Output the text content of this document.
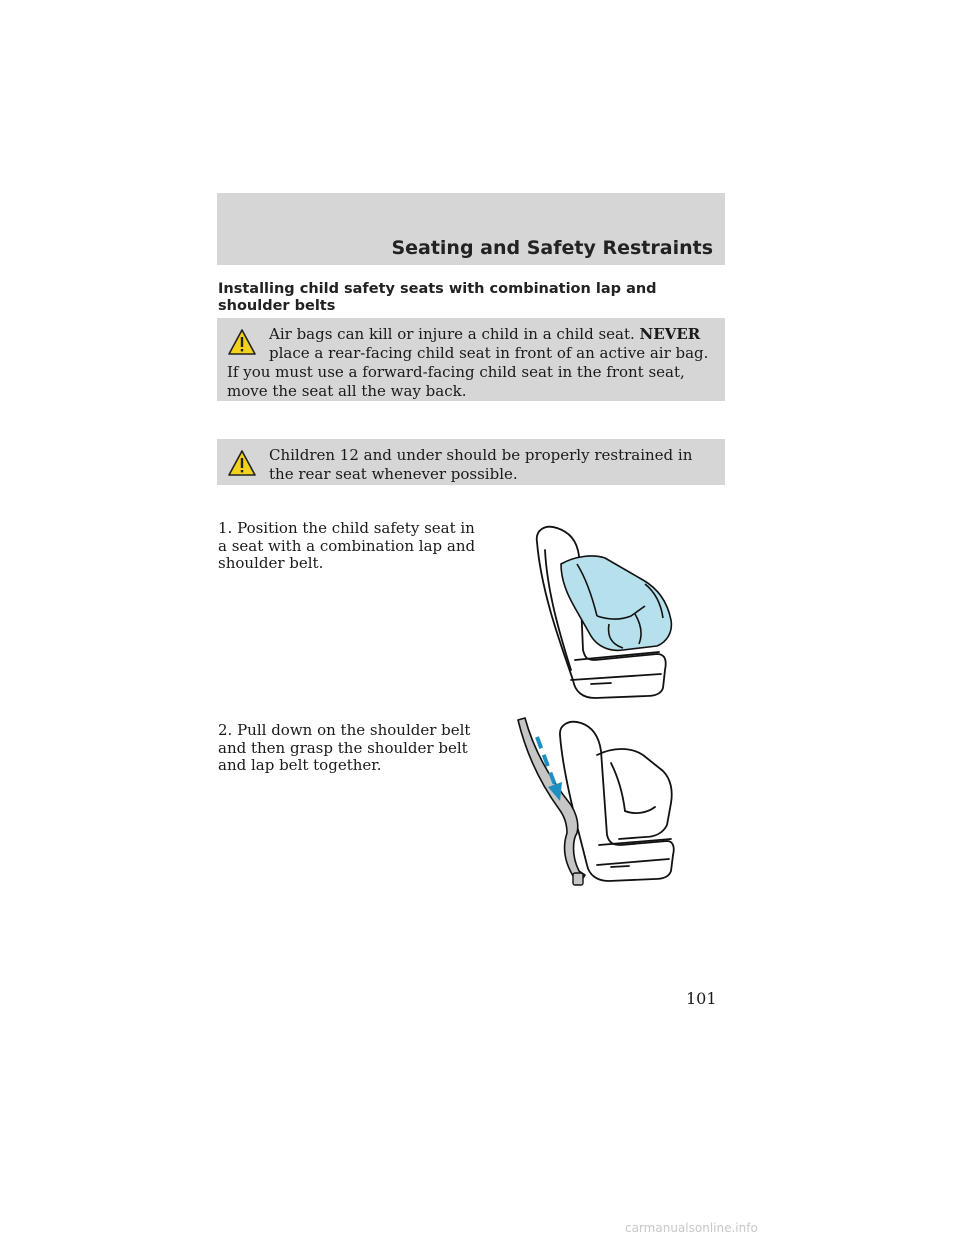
Seating and Safety Restraints
Installing child safety seats with combination lap and shoulder belts
Air bags can kill or injure a child in a child seat. NEVER place a rear-facing child seat in front of an active air bag. If you must use a forward-facing child seat in the front seat, move the seat all the way back.
Children 12 and under should be properly restrained in the rear seat whenever possible.
1. Position the child safety seat in a seat with a combination lap and shoulder belt.
2. Pull down on the shoulder belt and then grasp the shoulder belt and lap belt together.
101
carmanualsonline.info
